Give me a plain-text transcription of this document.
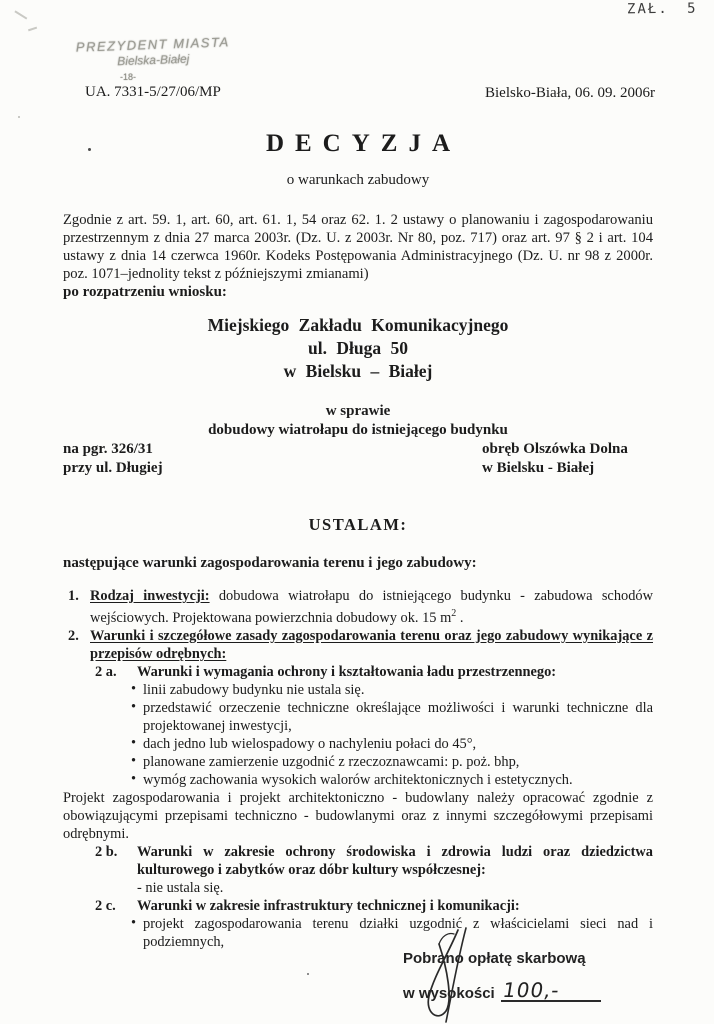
ZAŁ. 5
PREZYDENT MIASTA
Bielska-Białej
-18-
UA. 7331-5/27/06/MP	Bielsko-Biała, 06. 09. 2006r
DECYZJA
o warunkach zabudowy
Zgodnie z art. 59. 1, art. 60, art. 61. 1, 54 oraz 62. 1. 2 ustawy o planowaniu i zagospodarowaniu przestrzennym z dnia 27 marca 2003r. (Dz. U. z 2003r. Nr 80, poz. 717) oraz art. 97 § 2 i art. 104 ustawy z dnia 14 czerwca 1960r. Kodeks Postępowania Administracyjnego (Dz. U. nr 98 z 2000r. poz. 1071–jednolity tekst z późniejszymi zmianami)
po rozpatrzeniu wniosku:
Miejskiego Zakładu Komunikacyjnego
ul. Długa 50
w Bielsku – Białej
w sprawie
dobudowy wiatrołapu do istniejącego budynku
na pgr. 326/31
przy ul. Długiej
obręb Olszówka Dolna
w Bielsku - Białej
USTALAM:
następujące warunki zagospodarowania terenu i jego zabudowy:
1. Rodzaj inwestycji: dobudowa wiatrołapu do istniejącego budynku - zabudowa schodów wejściowych. Projektowana powierzchnia dobudowy ok. 15 $m^2$ .
2. Warunki i szczegółowe zasady zagospodarowania terenu oraz jego zabudowy wynikające z przepisów odrębnych:
2 a. Warunki i wymagania ochrony i kształtowania ładu przestrzennego:
• linii zabudowy budynku nie ustala się.
• przedstawić orzeczenie techniczne określające możliwości i warunki techniczne dla projektowanej inwestycji,
• dach jedno lub wielospadowy o nachyleniu połaci do 45°,
• planowane zamierzenie uzgodnić z rzeczoznawcami: p. poż. bhp,
• wymóg zachowania wysokich walorów architektonicznych i estetycznych.
Projekt zagospodarowania i projekt architektoniczno - budowlany należy opracować zgodnie z obowiązującymi przepisami techniczno - budowlanymi oraz z innymi szczegółowymi przepisami odrębnymi.
2 b. Warunki w zakresie ochrony środowiska i zdrowia ludzi oraz dziedzictwa kulturowego i zabytków oraz dóbr kultury współczesnej:
- nie ustala się.
2 c. Warunki w zakresie infrastruktury technicznej i komunikacji:
• projekt zagospodarowania terenu działki uzgodnić z właścicielami sieci nad i podziemnych,
Pobrano opłatę skarbową
w wysokości 100,-
